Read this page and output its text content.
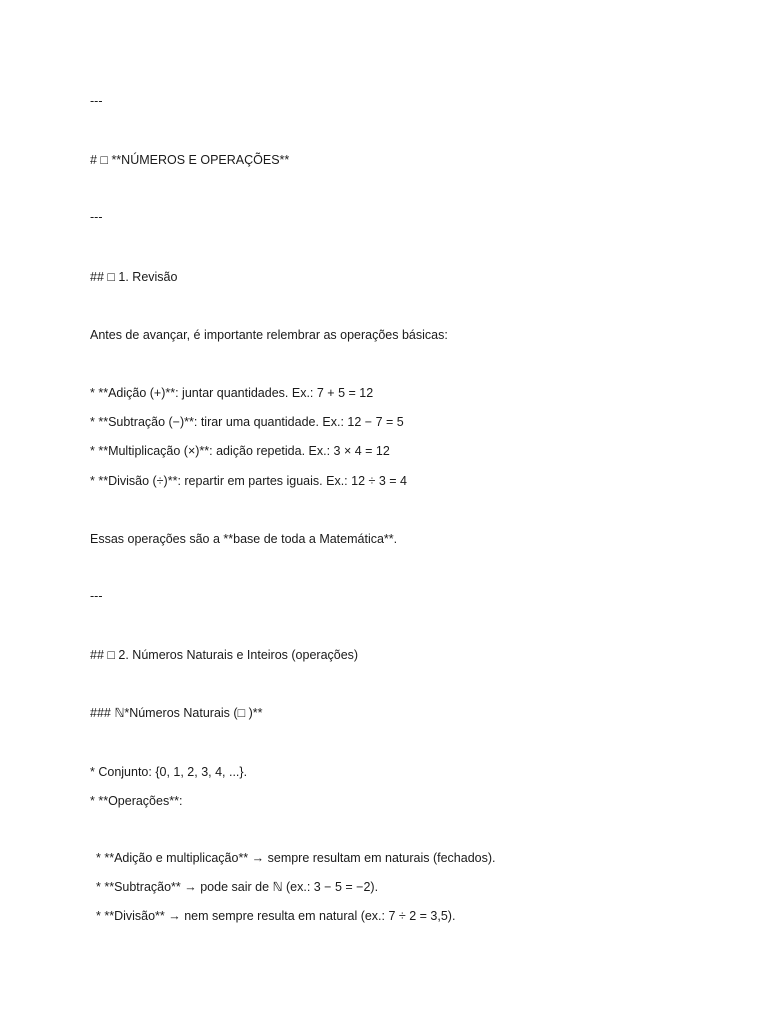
---
# □ **NÚMEROS E OPERAÇÕES**
---
## □ 1. Revisão
Antes de avançar, é importante relembrar as operações básicas:
* **Adição (+)**: juntar quantidades. Ex.: 7 + 5 = 12
* **Subtração (−)**: tirar uma quantidade. Ex.: 12 − 7 = 5
* **Multiplicação (×)**: adição repetida. Ex.: 3 × 4 = 12
* **Divisão (÷)**: repartir em partes iguais. Ex.: 12 ÷ 3 = 4
Essas operações são a **base de toda a Matemática**.
---
## □ 2. Números Naturais e Inteiros (operações)
### ℕ*Números Naturais (□ )**
* Conjunto: {0, 1, 2, 3, 4, ...}.
* **Operações**:
* **Adição e multiplicação** → sempre resultam em naturais (fechados).
* **Subtração** → pode sair de ℕ (ex.: 3 − 5 = −2).
* **Divisão** → nem sempre resulta em natural (ex.: 7 ÷ 2 = 3,5).
